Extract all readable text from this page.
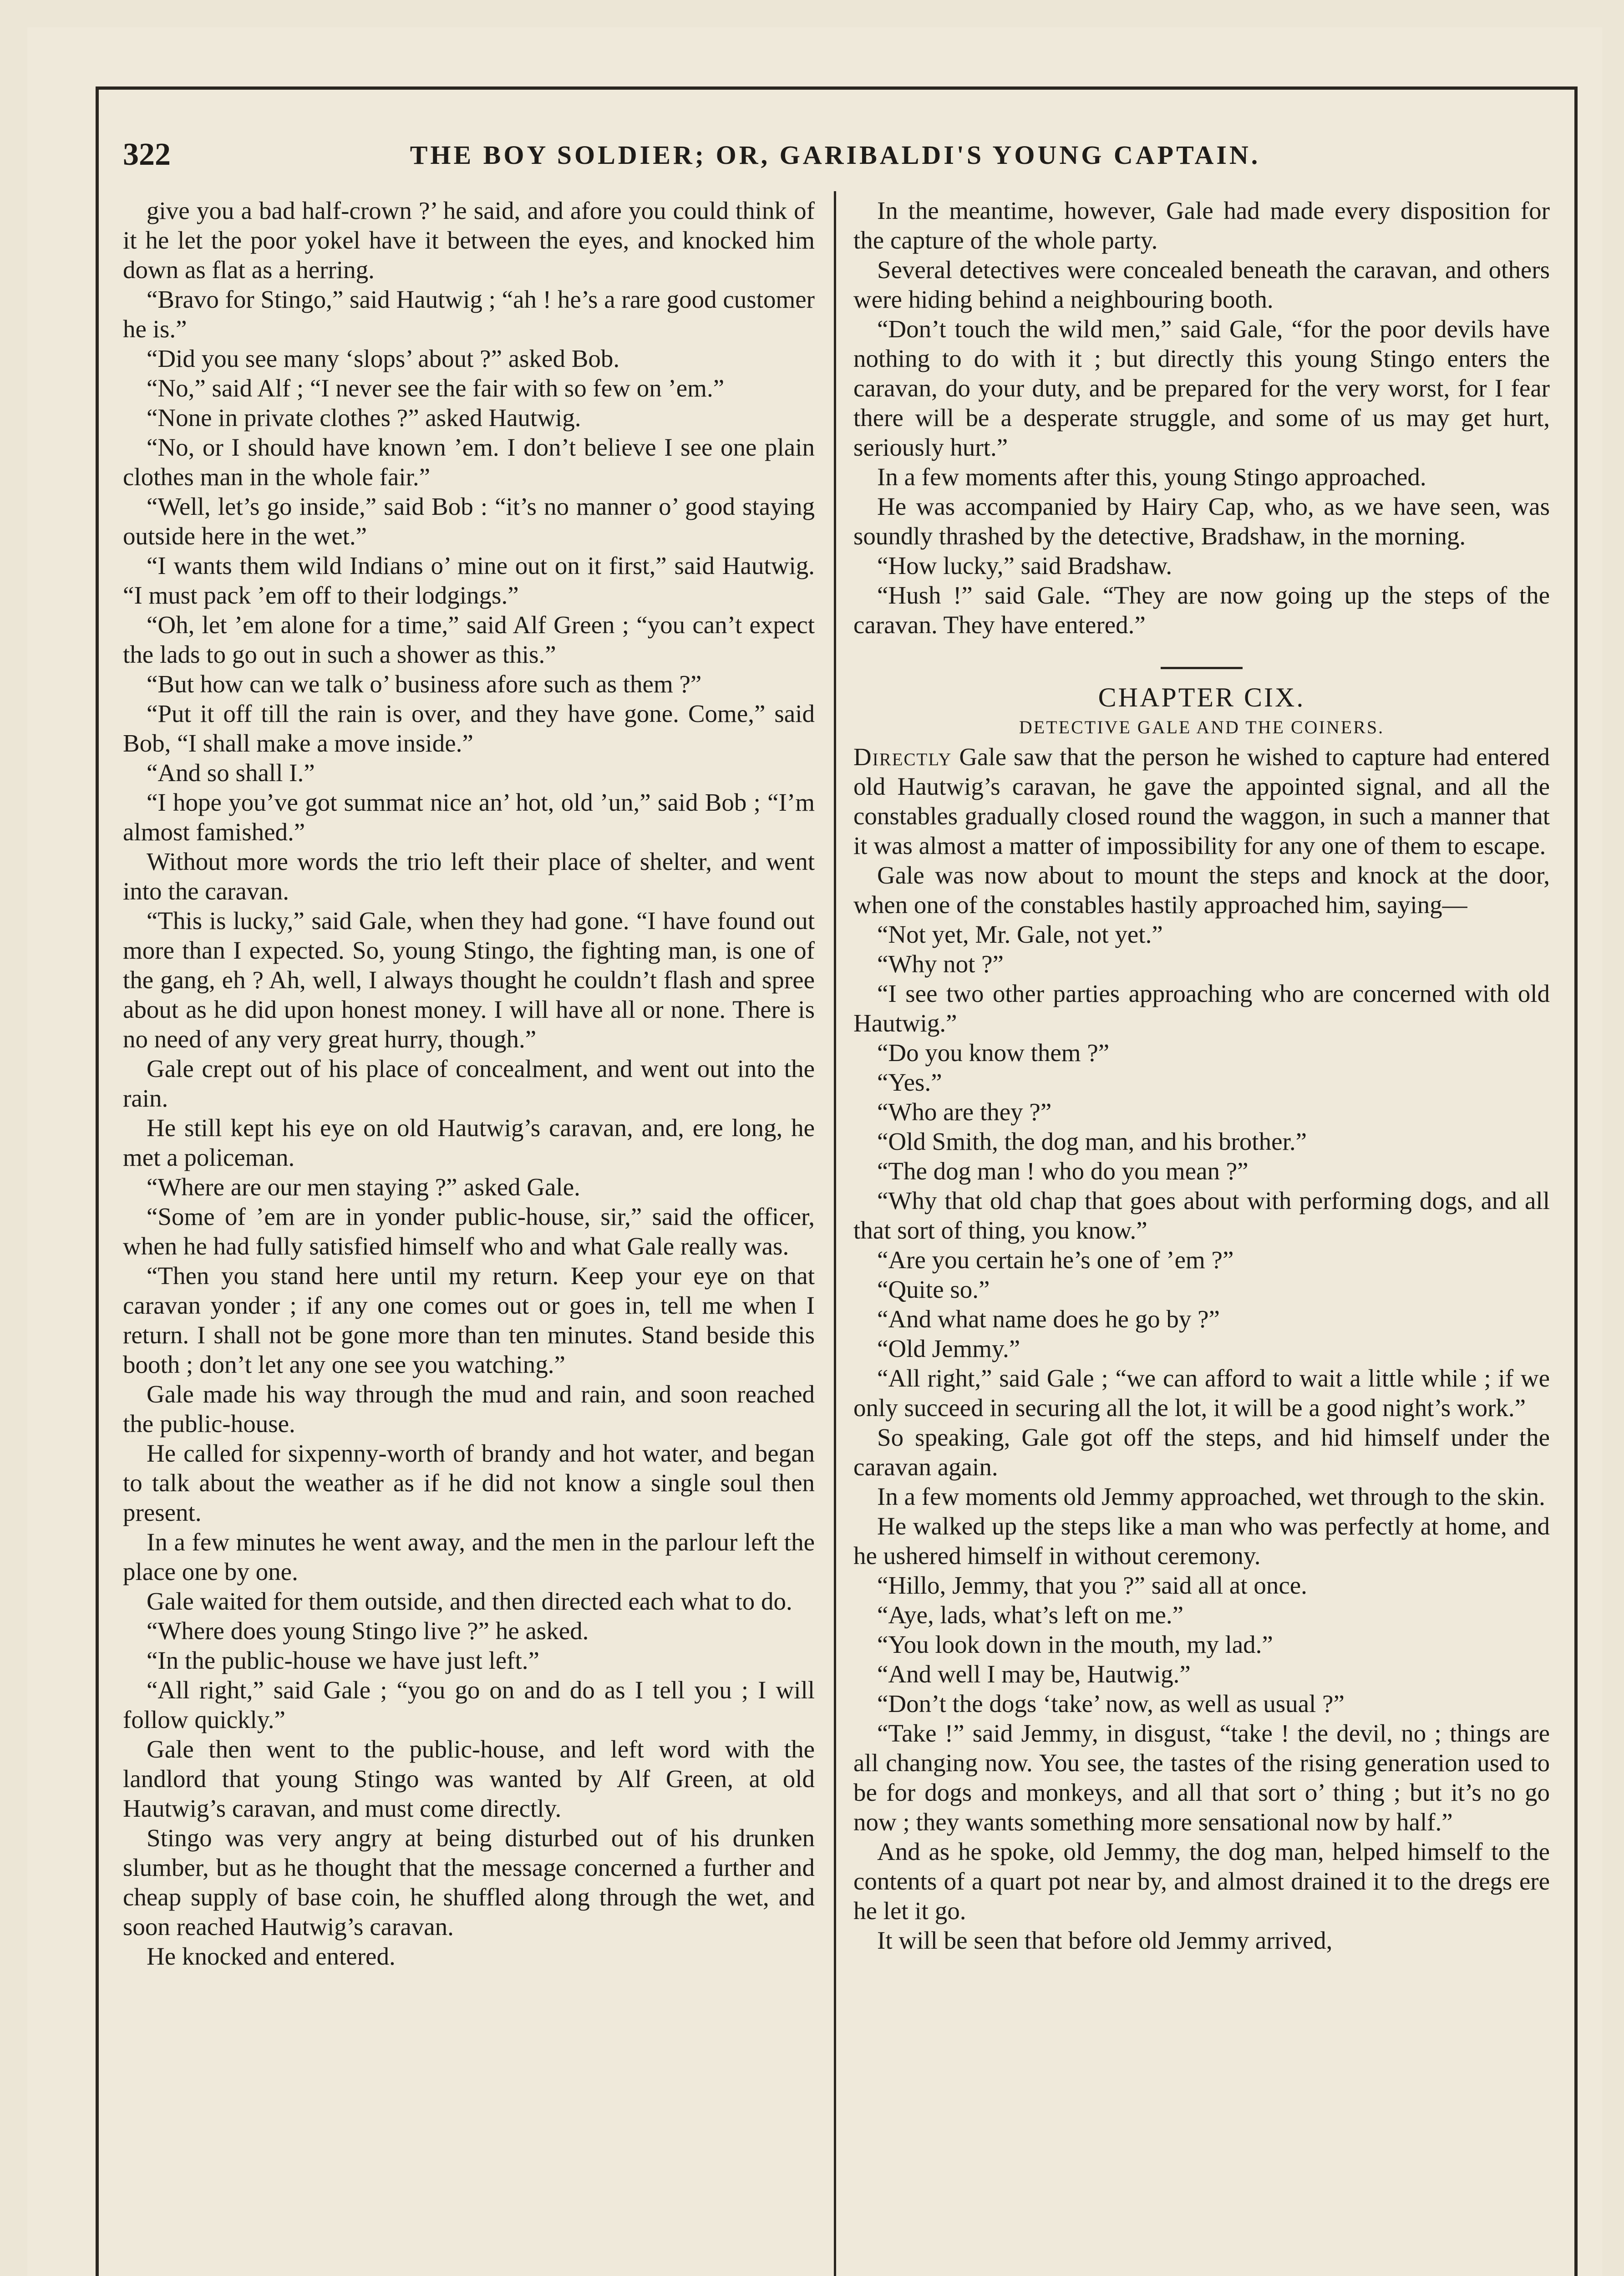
322	THE BOY SOLDIER; OR, GARIBALDI'S YOUNG CAPTAIN.

give you a bad half-crown ?’ he said, and afore you could think of it he let the poor yokel have it between the eyes, and knocked him down as flat as a herring.

“Bravo for Stingo,” said Hautwig ; “ah ! he’s a rare good customer he is.”

“Did you see many ‘slops’ about ?” asked Bob.

“No,” said Alf ; “I never see the fair with so few on ’em.”

“None in private clothes ?” asked Hautwig.

“No, or I should have known ’em. I don’t believe I see one plain clothes man in the whole fair.”

“Well, let’s go inside,” said Bob : “it’s no manner o’ good staying outside here in the wet.”

“I wants them wild Indians o’ mine out on it first,” said Hautwig. “I must pack ’em off to their lodgings.”

“Oh, let ’em alone for a time,” said Alf Green ; “you can’t expect the lads to go out in such a shower as this.”

“But how can we talk o’ business afore such as them ?”

“Put it off till the rain is over, and they have gone. Come,” said Bob, “I shall make a move inside.”

“And so shall I.”

“I hope you’ve got summat nice an’ hot, old ’un,” said Bob ; “I’m almost famished.”

Without more words the trio left their place of shelter, and went into the caravan.

“This is lucky,” said Gale, when they had gone. “I have found out more than I expected. So, young Stingo, the fighting man, is one of the gang, eh ? Ah, well, I always thought he couldn’t flash and spree about as he did upon honest money. I will have all or none. There is no need of any very great hurry, though.”

Gale crept out of his place of concealment, and went out into the rain.

He still kept his eye on old Hautwig’s caravan, and, ere long, he met a policeman.

“Where are our men staying ?” asked Gale.

“Some of ’em are in yonder public-house, sir,” said the officer, when he had fully satisfied himself who and what Gale really was.

“Then you stand here until my return. Keep your eye on that caravan yonder ; if any one comes out or goes in, tell me when I return. I shall not be gone more than ten minutes. Stand beside this booth ; don’t let any one see you watching.”

Gale made his way through the mud and rain, and soon reached the public-house.

He called for sixpenny-worth of brandy and hot water, and began to talk about the weather as if he did not know a single soul then present.

In a few minutes he went away, and the men in the parlour left the place one by one.

Gale waited for them outside, and then directed each what to do.

“Where does young Stingo live ?” he asked.

“In the public-house we have just left.”

“All right,” said Gale ; “you go on and do as I tell you ; I will follow quickly.”

Gale then went to the public-house, and left word with the landlord that young Stingo was wanted by Alf Green, at old Hautwig’s caravan, and must come directly.

Stingo was very angry at being disturbed out of his drunken slumber, but as he thought that the message concerned a further and cheap supply of base coin, he shuffled along through the wet, and soon reached Hautwig’s caravan.

He knocked and entered.

In the meantime, however, Gale had made every disposition for the capture of the whole party.

Several detectives were concealed beneath the caravan, and others were hiding behind a neighbouring booth.

“Don’t touch the wild men,” said Gale, “for the poor devils have nothing to do with it ; but directly this young Stingo enters the caravan, do your duty, and be prepared for the very worst, for I fear there will be a desperate struggle, and some of us may get hurt, seriously hurt.”

In a few moments after this, young Stingo approached.

He was accompanied by Hairy Cap, who, as we have seen, was soundly thrashed by the detective, Bradshaw, in the morning.

“How lucky,” said Bradshaw.

“Hush !” said Gale. “They are now going up the steps of the caravan. They have entered.”

CHAPTER CIX.

DETECTIVE GALE AND THE COINERS.

Directly Gale saw that the person he wished to capture had entered old Hautwig’s caravan, he gave the appointed signal, and all the constables gradually closed round the waggon, in such a manner that it was almost a matter of impossibility for any one of them to escape.

Gale was now about to mount the steps and knock at the door, when one of the constables hastily approached him, saying—

“Not yet, Mr. Gale, not yet.”

“Why not ?”

“I see two other parties approaching who are concerned with old Hautwig.”

“Do you know them ?”

“Yes.”

“Who are they ?”

“Old Smith, the dog man, and his brother.”

“The dog man ! who do you mean ?”

“Why that old chap that goes about with performing dogs, and all that sort of thing, you know.”

“Are you certain he’s one of ’em ?”

“Quite so.”

“And what name does he go by ?”

“Old Jemmy.”

“All right,” said Gale ; “we can afford to wait a little while ; if we only succeed in securing all the lot, it will be a good night’s work.”

So speaking, Gale got off the steps, and hid himself under the caravan again.

In a few moments old Jemmy approached, wet through to the skin.

He walked up the steps like a man who was perfectly at home, and he ushered himself in without ceremony.

“Hillo, Jemmy, that you ?” said all at once.

“Aye, lads, what’s left on me.”

“You look down in the mouth, my lad.”

“And well I may be, Hautwig.”

“Don’t the dogs ‘take’ now, as well as usual ?”

“Take !” said Jemmy, in disgust, “take ! the devil, no ; things are all changing now. You see, the tastes of the rising generation used to be for dogs and monkeys, and all that sort o’ thing ; but it’s no go now ; they wants something more sensational now by half.”

And as he spoke, old Jemmy, the dog man, helped himself to the contents of a quart pot near by, and almost drained it to the dregs ere he let it go.

It will be seen that before old Jemmy arrived,
